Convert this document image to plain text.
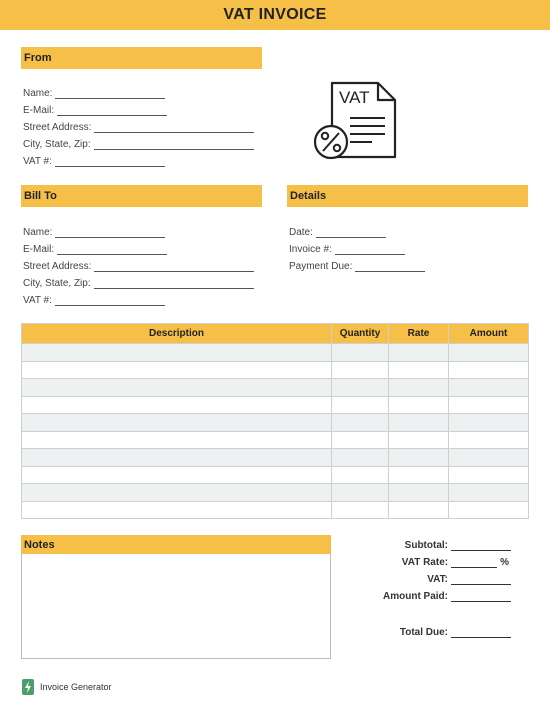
VAT INVOICE
From
Name:
E-Mail:
Street Address:
City, State, Zip:
VAT #:
VAT
Bill To
Name:
E-Mail:
Street Address:
City, State, Zip:
VAT #:
Details
Date:
Invoice #:
Payment Due:
Description	Quantity	Rate	Amount

Notes	Subtotal:
VAT Rate:	%
VAT:
Amount Paid:
Total Due:
Invoice Generator
